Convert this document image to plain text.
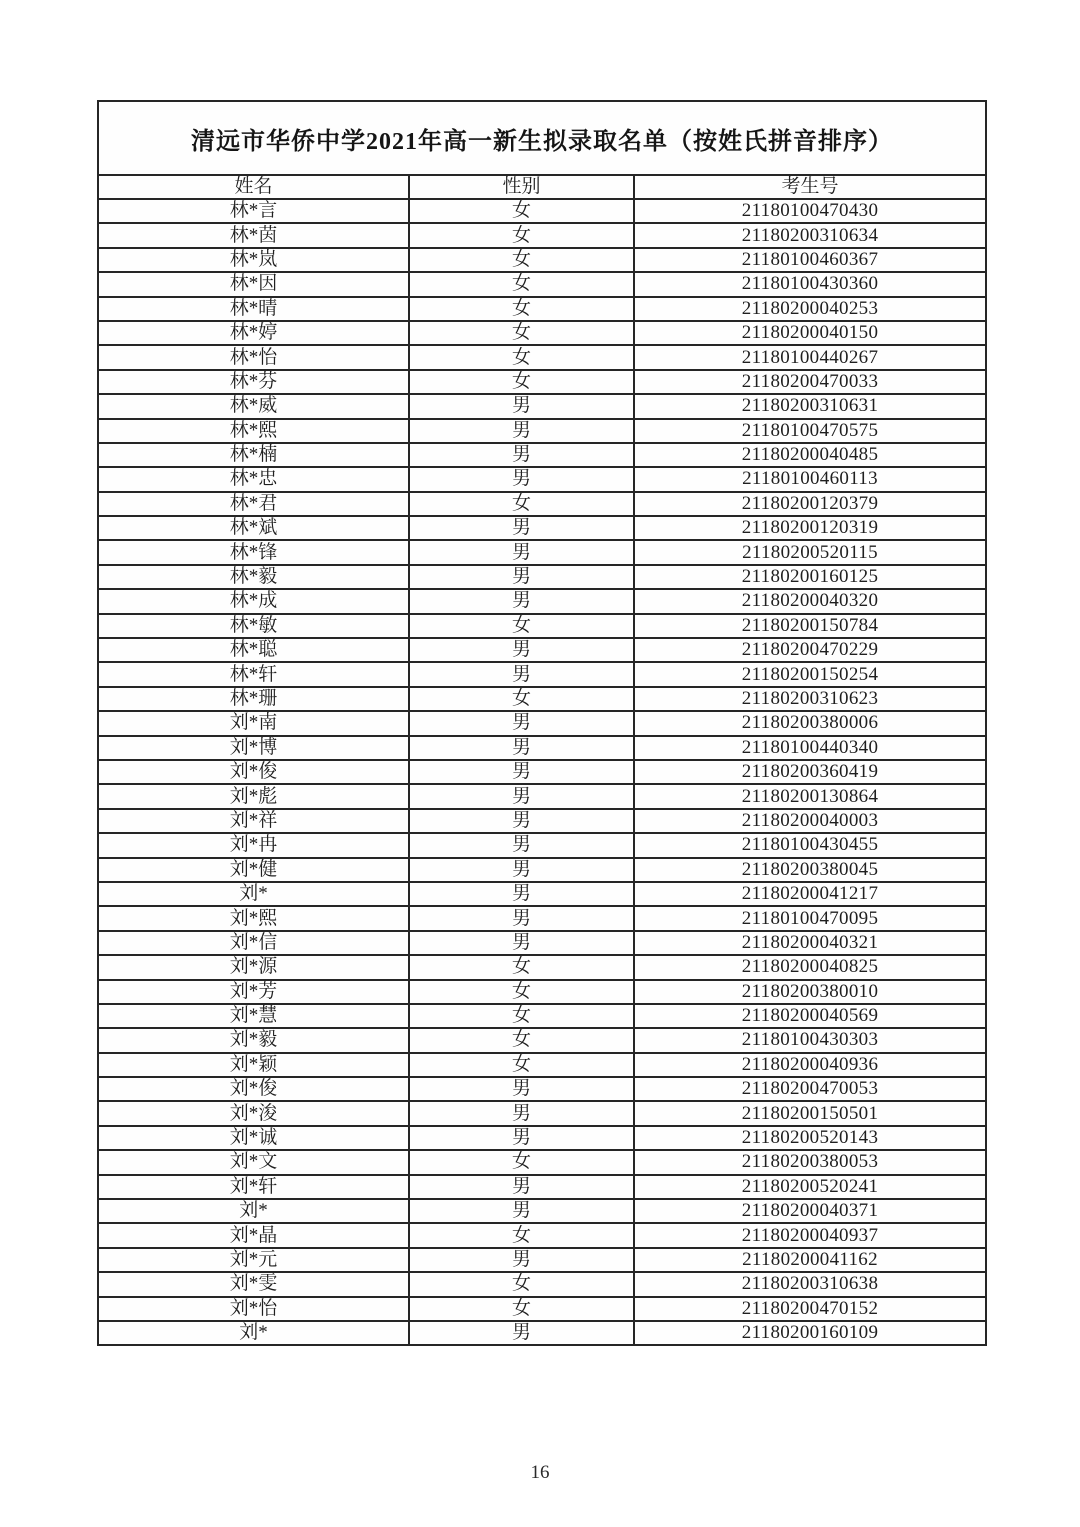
清远市华侨中学2021年高一新生拟录取名单（按姓氏拼音排序）		
姓名	性别	考生号
林*言	女	21180100470430
林*茵	女	21180200310634
林*岚	女	21180100460367
林*因	女	21180100430360
林*晴	女	21180200040253
林*婷	女	21180200040150
林*怡	女	21180100440267
林*芬	女	21180200470033
林*威	男	21180200310631
林*熙	男	21180100470575
林*楠	男	21180200040485
林*忠	男	21180100460113
林*君	女	21180200120379
林*斌	男	21180200120319
林*锋	男	21180200520115
林*毅	男	21180200160125
林*成	男	21180200040320
林*敏	女	21180200150784
林*聪	男	21180200470229
林*轩	男	21180200150254
林*珊	女	21180200310623
刘*南	男	21180200380006
刘*博	男	21180100440340
刘*俊	男	21180200360419
刘*彪	男	21180200130864
刘*祥	男	21180200040003
刘*冉	男	21180100430455
刘*健	男	21180200380045
刘*	男	21180200041217
刘*熙	男	21180100470095
刘*信	男	21180200040321
刘*源	女	21180200040825
刘*芳	女	21180200380010
刘*慧	女	21180200040569
刘*毅	女	21180100430303
刘*颖	女	21180200040936
刘*俊	男	21180200470053
刘*浚	男	21180200150501
刘*诚	男	21180200520143
刘*文	女	21180200380053
刘*轩	男	21180200520241
刘*	男	21180200040371
刘*晶	女	21180200040937
刘*元	男	21180200041162
刘*雯	女	21180200310638
刘*怡	女	21180200470152
刘*	男	21180200160109
16
